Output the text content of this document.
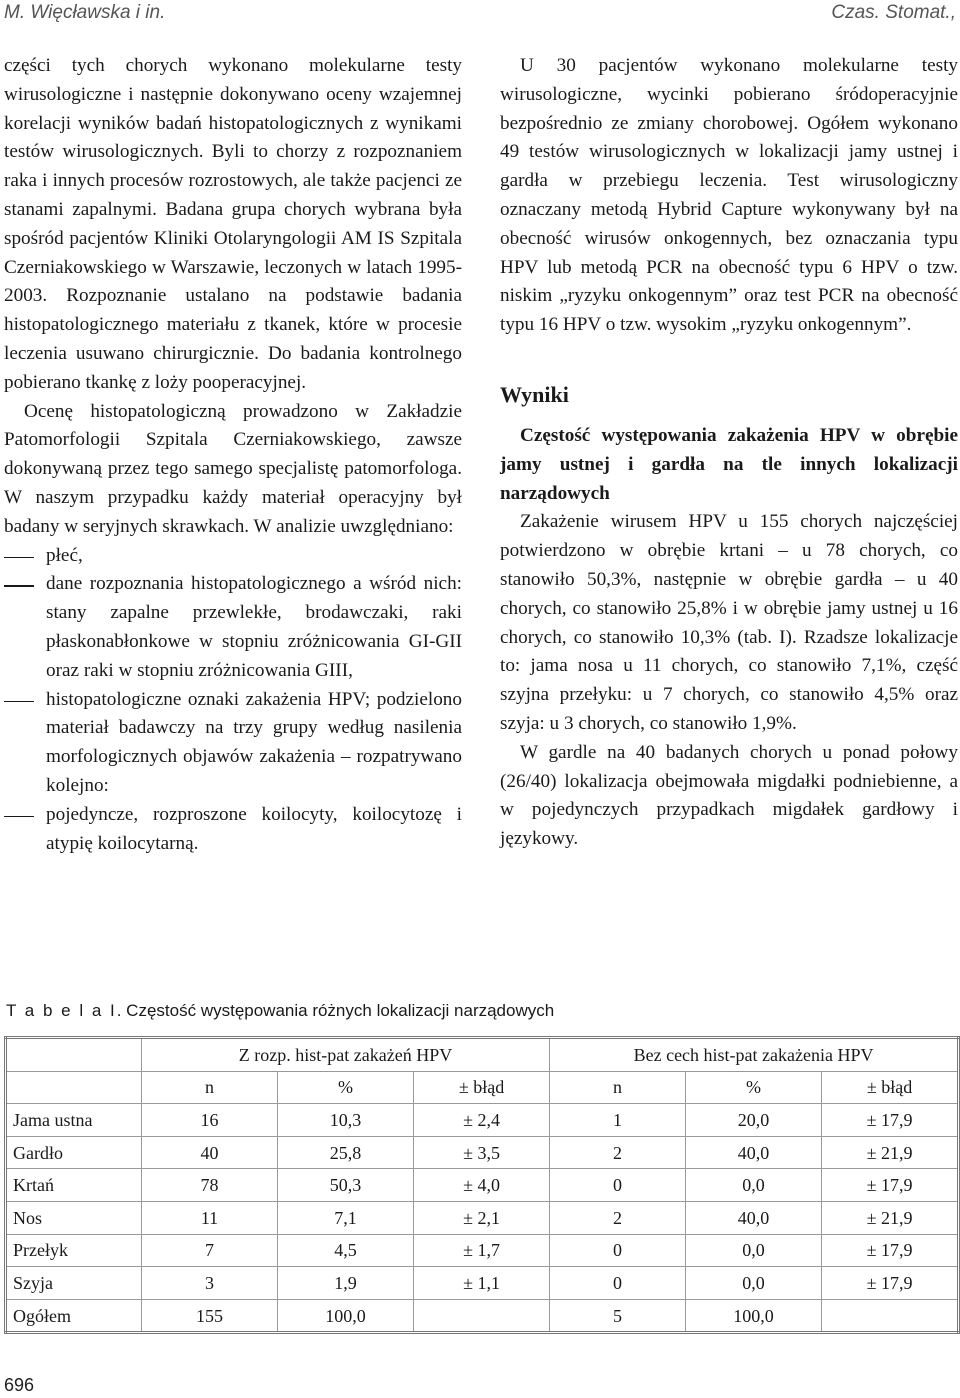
M. Więcławska i in.	Czas. Stomat.,

części tych chorych wykonano molekularne testy wirusologiczne i następnie dokonywano oceny wzajemnej korelacji wyników badań histopatologicznych z wynikami testów wirusologicznych. Byli to chorzy z rozpoznaniem raka i innych procesów rozrostowych, ale także pacjenci ze stanami zapalnymi. Badana grupa chorych wybrana była spośród pacjentów Kliniki Otolaryngologii AM IS Szpitala Czerniakowskiego w Warszawie, leczonych w latach 1995-2003. Rozpoznanie ustalano na podstawie badania histopatologicznego materiału z tkanek, które w procesie leczenia usuwano chirurgicznie. Do badania kontrolnego pobierano tkankę z loży pooperacyjnej.

Ocenę histopatologiczną prowadzono w Zakładzie Patomorfologii Szpitala Czerniakowskiego, zawsze dokonywaną przez tego samego specjalistę patomorfologa. W naszym przypadku każdy materiał operacyjny był badany w seryjnych skrawkach. W analizie uwzględniano:

płeć,
dane rozpoznania histopatologicznego a wśród nich: stany zapalne przewlekłe, brodawczaki, raki płaskonabłonkowe w stopniu zróżnicowania GI-GII oraz raki w stopniu zróżnicowania GIII,
histopatologiczne oznaki zakażenia HPV; podzielono materiał badawczy na trzy grupy według nasilenia morfologicznych objawów zakażenia – rozpatrywano kolejno:
pojedyncze, rozproszone koilocyty, koilocytozę i atypię koilocytarną.

U 30 pacjentów wykonano molekularne testy wirusologiczne, wycinki pobierano śródoperacyjnie bezpośrednio ze zmiany chorobowej. Ogółem wykonano 49 testów wirusologicznych w lokalizacji jamy ustnej i gardła w przebiegu leczenia. Test wirusologiczny oznaczany metodą Hybrid Capture wykonywany był na obecność wirusów onkogennych, bez oznaczania typu HPV lub metodą PCR na obecność typu 6 HPV o tzw. niskim „ryzyku onkogennym” oraz test PCR na obecność typu 16 HPV o tzw. wysokim „ryzyku onkogennym”.

Wyniki

Częstość występowania zakażenia HPV w obrębie jamy ustnej i gardła na tle innych lokalizacji narządowych

Zakażenie wirusem HPV u 155 chorych najczęściej potwierdzono w obrębie krtani – u 78 chorych, co stanowiło 50,3%, następnie w obrębie gardła – u 40 chorych, co stanowiło 25,8% i w obrębie jamy ustnej u 16 chorych, co stanowiło 10,3% (tab. I). Rzadsze lokalizacje to: jama nosa u 11 chorych, co stanowiło 7,1%, część szyjna przełyku: u 7 chorych, co stanowiło 4,5% oraz szyja: u 3 chorych, co stanowiło 1,9%.

W gardle na 40 badanych chorych u ponad połowy (26/40) lokalizacja obejmowała migdałki podniebienne, a w pojedynczych przypadkach migdałek gardłowy i językowy.

T a b e l a I. Częstość występowania różnych lokalizacji narządowych
	Z rozp. hist-pat zakażeń HPV			Bez cech hist-pat zakażenia HPV		
	n	%	± błąd	n	%	± błąd
Jama ustna	16	10,3	± 2,4	1	20,0	± 17,9
Gardło	40	25,8	± 3,5	2	40,0	± 21,9
Krtań	78	50,3	± 4,0	0	0,0	± 17,9
Nos	11	7,1	± 2,1	2	40,0	± 21,9
Przełyk	7	4,5	± 1,7	0	0,0	± 17,9
Szyja	3	1,9	± 1,1	0	0,0	± 17,9
Ogółem	155	100,0		5	100,0	
696
